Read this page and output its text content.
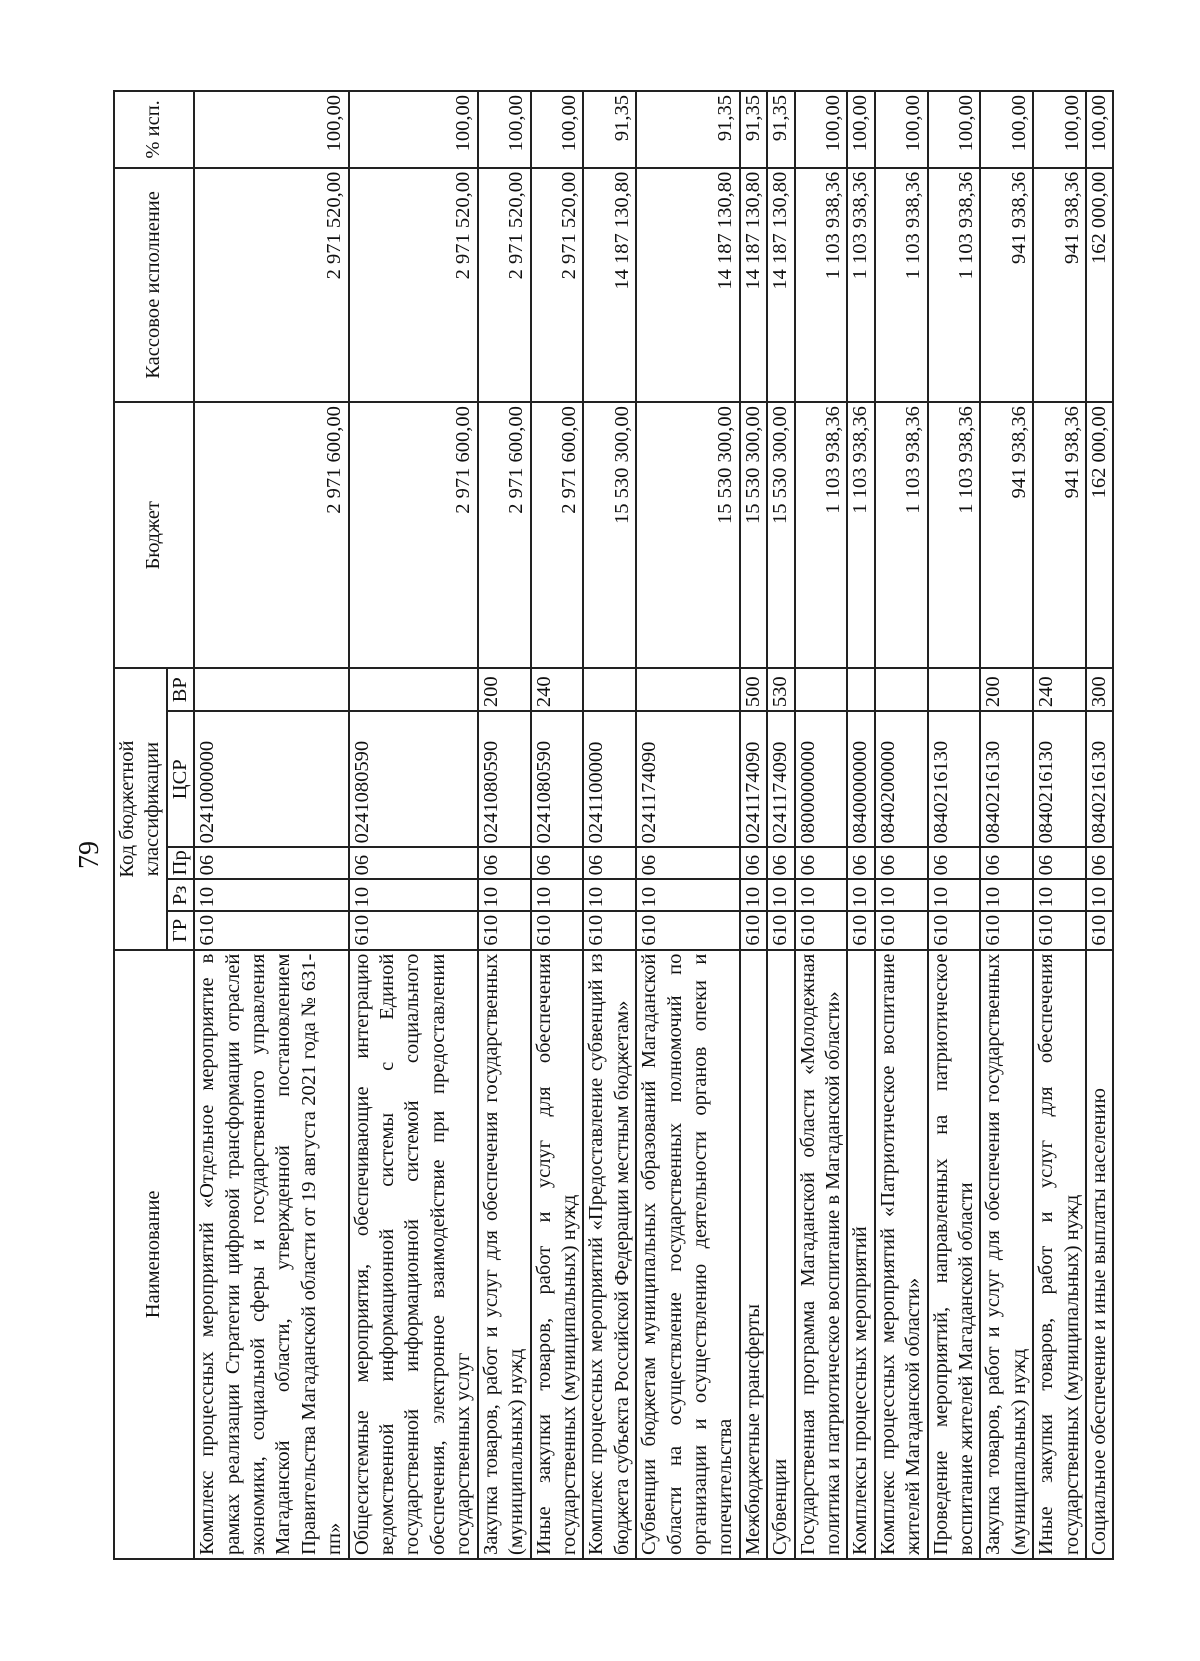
79
Наименование	Код бюджетной классификации					Бюджет	Кассовое исполнение	% исп.
	ГР	Рз	Пр	ЦСР	ВР			
Комплекс процессных мероприятий «Отдельное мероприятие в рамках реализации Стратегии цифровой трансформации отраслей экономики, социальной сферы и государственного управления Магаданской области, утвержденной постановлением Правительства Магаданской области от 19 августа 2021 года № 631-пп»	610	10	06	0241000000		2 971 600,00	2 971 520,00	100,00
Общесистемные мероприятия, обеспечивающие интеграцию ведомственной информационной системы с Единой государственной информационной системой социального обеспечения, электронное взаимодействие при предоставлении государственных услуг	610	10	06	0241080590		2 971 600,00	2 971 520,00	100,00
Закупка товаров, работ и услуг для обеспечения государственных (муниципальных) нужд	610	10	06	0241080590	200	2 971 600,00	2 971 520,00	100,00
Иные закупки товаров, работ и услуг для обеспечения государственных (муниципальных) нужд	610	10	06	0241080590	240	2 971 600,00	2 971 520,00	100,00
Комплекс процессных мероприятий «Предоставление субвенций из бюджета субъекта Российской Федерации местным бюджетам»	610	10	06	0241100000		15 530 300,00	14 187 130,80	91,35
Субвенции бюджетам муниципальных образований Магаданской области на осуществление государственных полномочий по организации и осуществлению деятельности органов опеки и попечительства	610	10	06	0241174090		15 530 300,00	14 187 130,80	91,35
Межбюджетные трансферты	610	10	06	0241174090	500	15 530 300,00	14 187 130,80	91,35
Субвенции	610	10	06	0241174090	530	15 530 300,00	14 187 130,80	91,35
Государственная программа Магаданской области «Молодежная политика и патриотическое воспитание в Магаданской области»	610	10	06	0800000000		1 103 938,36	1 103 938,36	100,00
Комплексы процессных мероприятий	610	10	06	0840000000		1 103 938,36	1 103 938,36	100,00
Комплекс процессных мероприятий «Патриотическое воспитание жителей Магаданской области»	610	10	06	0840200000		1 103 938,36	1 103 938,36	100,00
Проведение мероприятий, направленных на патриотическое воспитание жителей Магаданской области	610	10	06	0840216130		1 103 938,36	1 103 938,36	100,00
Закупка товаров, работ и услуг для обеспечения государственных (муниципальных) нужд	610	10	06	0840216130	200	941 938,36	941 938,36	100,00
Иные закупки товаров, работ и услуг для обеспечения государственных (муниципальных) нужд	610	10	06	0840216130	240	941 938,36	941 938,36	100,00
Социальное обеспечение и иные выплаты населению	610	10	06	0840216130	300	162 000,00	162 000,00	100,00
